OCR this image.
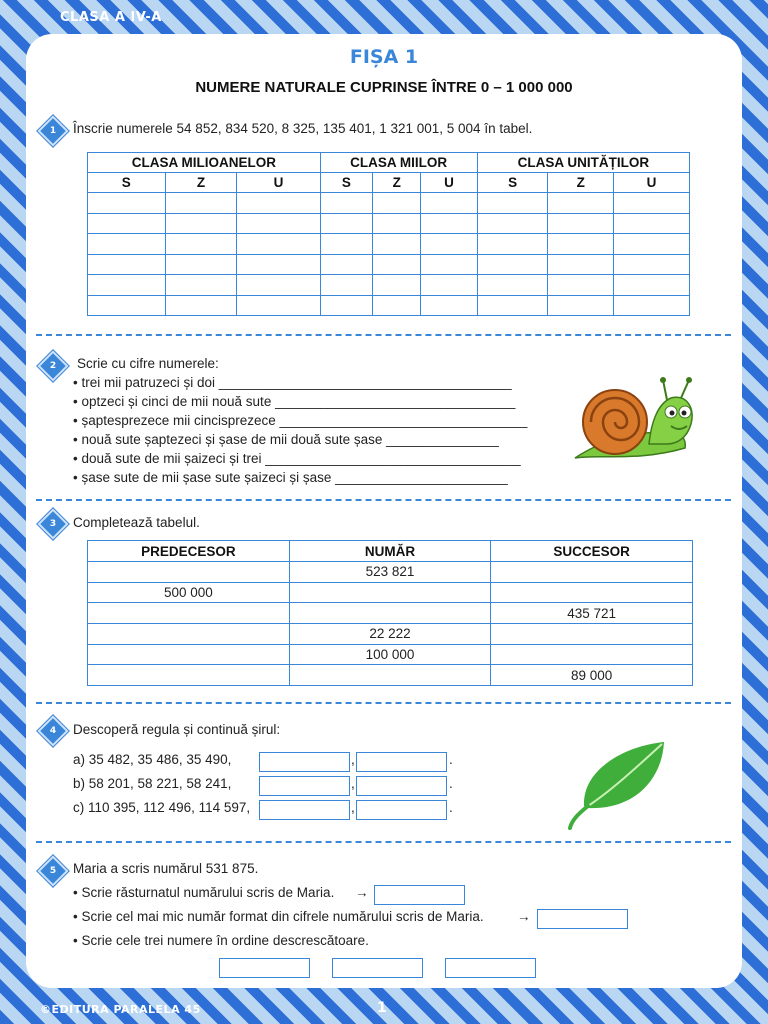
CLASA A IV-A
FIȘA 1
NUMERE NATURALE CUPRINSE ÎNTRE 0 – 1 000 000
1	Înscrie numerele 54 852, 834 520, 8 325, 135 401, 1 321 001, 5 004 în tabel.
CLASA MILIOANELOR			CLASA MIILOR			CLASA UNITĂȚILOR		
S	Z	U	S	Z	U	S	Z	U

2	Scrie cu cifre numerele:
• trei mii patruzeci și doi _______________________________________
• optzeci și cinci de mii nouă sute ________________________________
• șaptesprezece mii cincisprezece _________________________________
• nouă sute șaptezeci și șase de mii două sute șase _______________
• două sute de mii șaizeci și trei __________________________________
• șase sute de mii șase sute șaizeci și șase _______________________
3	Completează tabelul.
PREDECESOR	NUMĂR	SUCCESOR
	523 821	
500 000		
		435 721
	22 222	
	100 000	
		89 000
4	Descoperă regula și continuă șirul:
a) 35 482, 35 486, 35 490,	,	.
b) 58 201, 58 221, 58 241,	,	.
c) 110 395, 112 496, 114 597,	,	.
5	Maria a scris numărul 531 875.
• Scrie răsturnatul numărului scris de Maria. →
• Scrie cel mai mic număr format din cifrele numărului scris de Maria. →
• Scrie cele trei numere în ordine descrescătoare.
©EDITURA PARALELA 45	1
